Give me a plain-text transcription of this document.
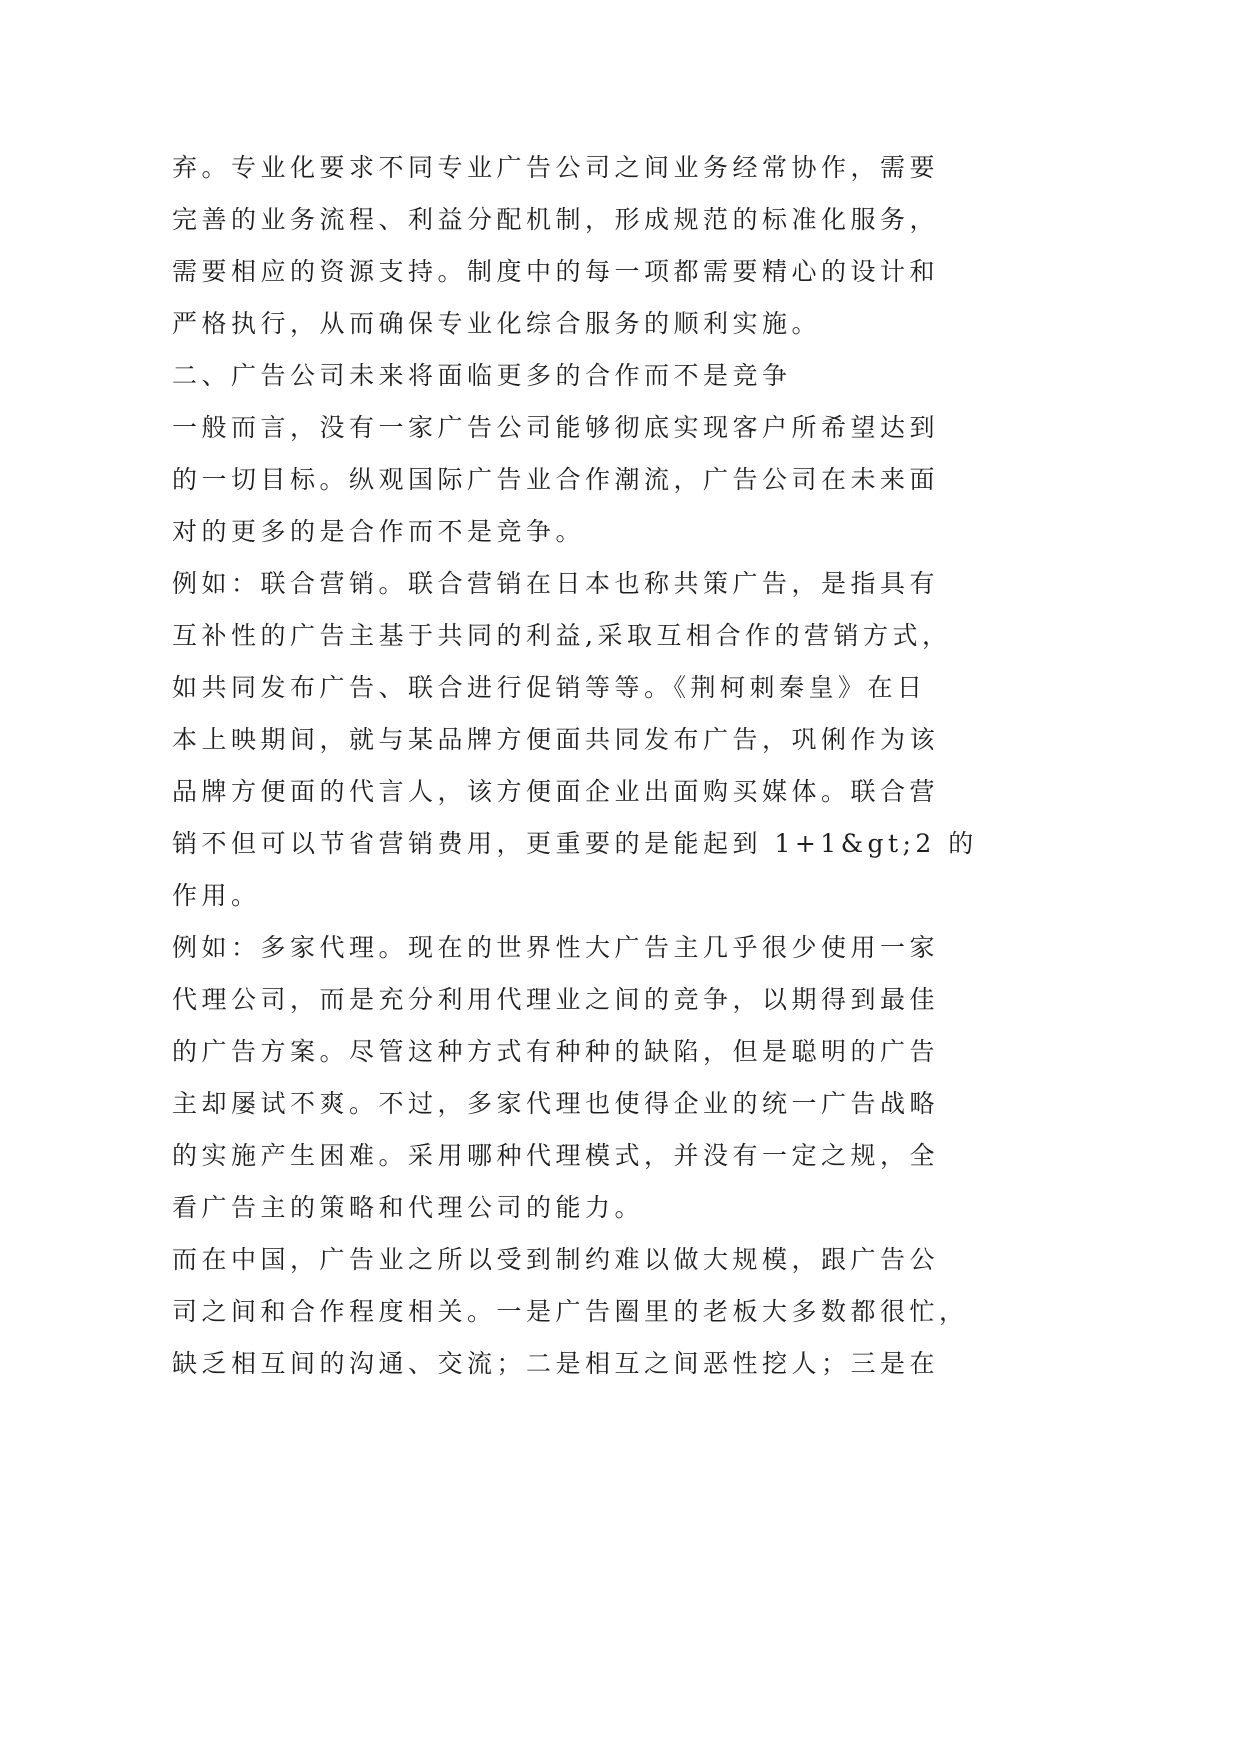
弃。专业化要求不同专业广告公司之间业务经常协作，需要
完善的业务流程、利益分配机制，形成规范的标准化服务，
需要相应的资源支持。制度中的每一项都需要精心的设计和
严格执行，从而确保专业化综合服务的顺利实施。
二、广告公司未来将面临更多的合作而不是竞争
一般而言，没有一家广告公司能够彻底实现客户所希望达到
的一切目标。纵观国际广告业合作潮流，广告公司在未来面
对的更多的是合作而不是竞争。
例如：联合营销。联合营销在日本也称共策广告，是指具有
互补性的广告主基于共同的利益,采取互相合作的营销方式，
如共同发布广告、联合进行促销等等。《荆柯刺秦皇》在日
本上映期间，就与某品牌方便面共同发布广告，巩俐作为该
品牌方便面的代言人，该方便面企业出面购买媒体。联合营
销不但可以节省营销费用，更重要的是能起到 1+1&gt;2 的
作用。
例如：多家代理。现在的世界性大广告主几乎很少使用一家
代理公司，而是充分利用代理业之间的竞争，以期得到最佳
的广告方案。尽管这种方式有种种的缺陷，但是聪明的广告
主却屡试不爽。不过，多家代理也使得企业的统一广告战略
的实施产生困难。采用哪种代理模式，并没有一定之规，全
看广告主的策略和代理公司的能力。
而在中国，广告业之所以受到制约难以做大规模，跟广告公
司之间和合作程度相关。一是广告圈里的老板大多数都很忙，
缺乏相互间的沟通、交流；二是相互之间恶性挖人；三是在
